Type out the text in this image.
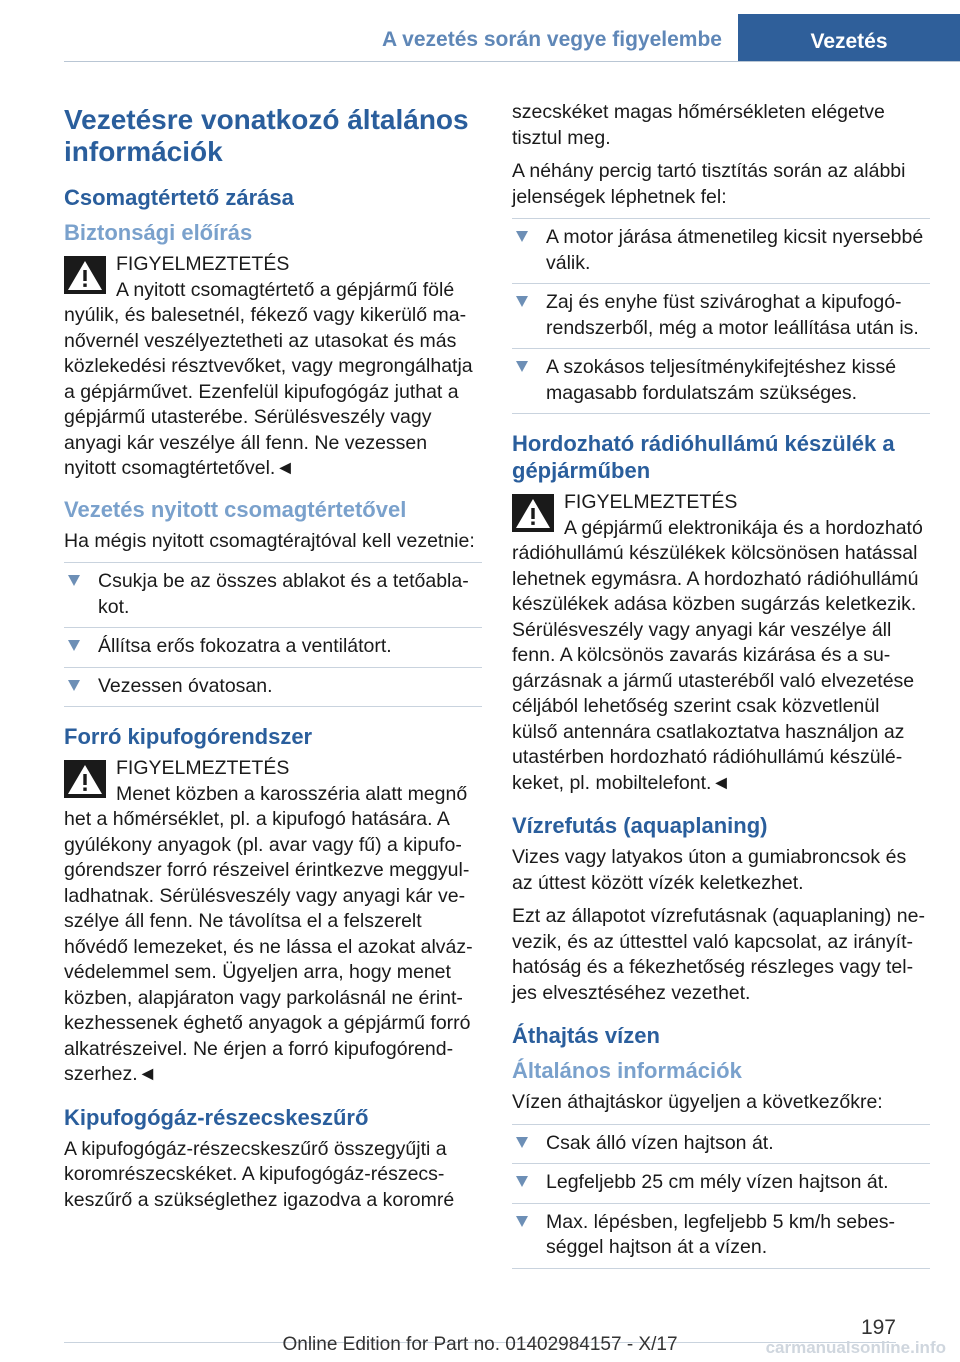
A vezetés során vegye figyelembe	Vezetés
Vezetésre vonatkozó általános információk
Csomagtértető zárása
Biztonsági előírás
FIGYELMEZTETÉS
A nyitott csomagtértető a gépjármű fölé
nyúlik, és balesetnél, fékező vagy kikerülő manővernél veszélyeztetheti az utasokat és más közlekedési résztvevőket, vagy megrongálhatja a gépjárművet. Ezenfelül kipufogógáz juthat a gépjármű utasterébe. Sérülésveszély vagy anyagi kár veszélye áll fenn. Ne vezessen nyitott csomagtértetővel.◄
Vezetés nyitott csomagtértetővel

Ha mégis nyitott csomagtérajtóval kell vezetnie:

Csukja be az összes ablakot és a tetőablakot.
Állítsa erős fokozatra a ventilátort.
Vezessen óvatosan.
Forró kipufogórendszer
FIGYELMEZTETÉS
Menet közben a karosszéria alatt megnő
het a hőmérséklet, pl. a kipufogó hatására. A gyúlékony anyagok (pl. avar vagy fű) a kipufogórendszer forró részeivel érintkezve meggyulladhatnak. Sérülésveszély vagy anyagi kár veszélye áll fenn. Ne távolítsa el a felszerelt hővédő lemezeket, és ne lássa el azokat alvázvédelemmel sem. Ügyeljen arra, hogy menet közben, alapjáraton vagy parkolásnál ne érintkezhessenek éghető anyagok a gépjármű forró alkatrészeivel. Ne érjen a forró kipufogórendszerhez.◄
Kipufogógáz-részecskeszűrő

A kipufogógáz-részecskeszűrő összegyűjti a koromrészecskéket. A kipufogógáz-részecskeszűrő a szükséglethez igazodva a koromré

szecskéket magas hőmérsékleten elégetve tisztul meg.

A néhány percig tartó tisztítás során az alábbi jelenségek léphetnek fel:

A motor járása átmenetileg kicsit nyersebbé válik.
Zaj és enyhe füst szivároghat a kipufogórendszerből, még a motor leállítása után is.
A szokásos teljesítménykifejtéshez kissé magasabb fordulatszám szükséges.
Hordozható rádióhullámú készülék a gépjárműben
FIGYELMEZTETÉS
A gépjármű elektronikája és a hordozható
rádióhullámú készülékek kölcsönösen hatással lehetnek egymásra. A hordozható rádióhullámú készülékek adása közben sugárzás keletkezik. Sérülésveszély vagy anyagi kár veszélye áll fenn. A kölcsönös zavarás kizárása és a sugárzásnak a jármű utasteréből való elvezetése céljából lehetőség szerint csak közvetlenül külső antennára csatlakoztatva használjon az utastérben hordozható rádióhullámú készülékeket, pl. mobiltelefont.◄
Vízrefutás (aquaplaning)

Vizes vagy latyakos úton a gumiabroncsok és az úttest között vízék keletkezhet.

Ezt az állapotot vízrefutásnak (aquaplaning) nevezik, és az úttesttel való kapcsolat, az irányíthatóság és a fékezhetőség részleges vagy teljes elvesztéséhez vezethet.

Áthajtás vízen
Általános információk

Vízen áthajtáskor ügyeljen a következőkre:

Csak álló vízen hajtson át.
Legfeljebb 25 cm mély vízen hajtson át.
Max. lépésben, legfeljebb 5 km/h sebességgel hajtson át a vízen.
197
Online Edition for Part no. 01402984157 - X/17	carmanualsonline.info
